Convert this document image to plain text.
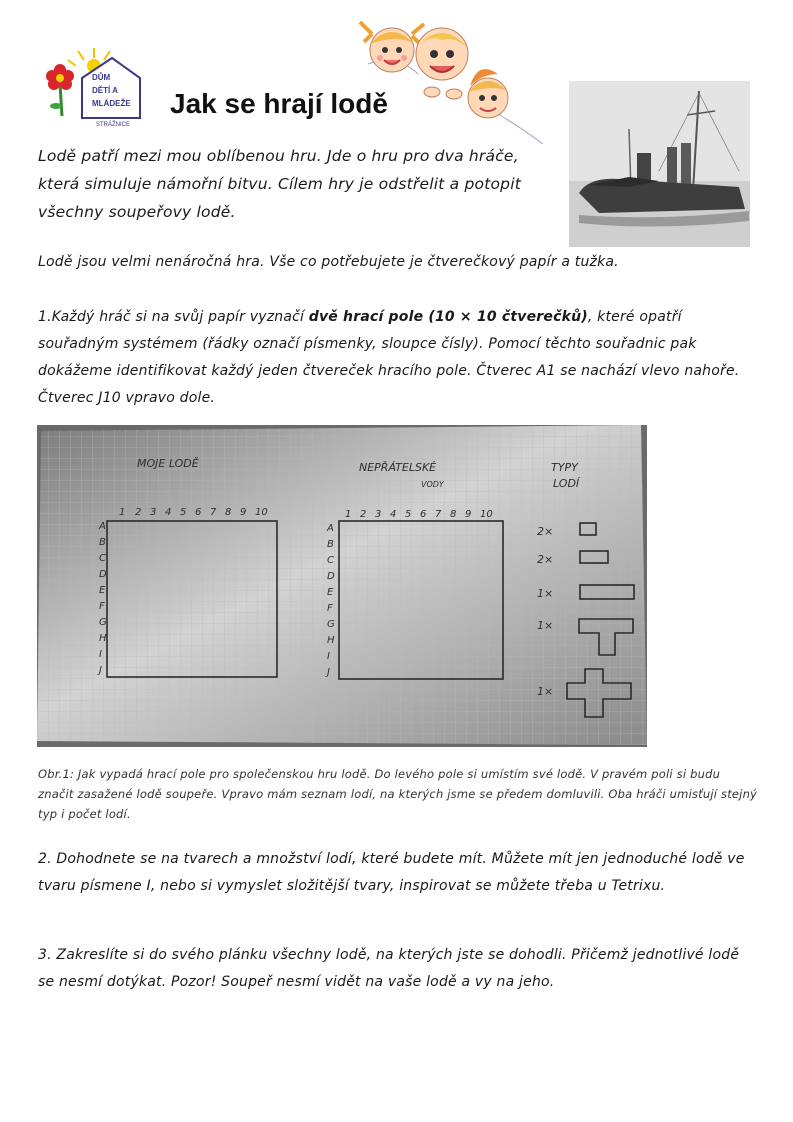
DŮM
DĚTÍ A
MLÁDEŽE
STRÁŽNICE
Jak se hrají lodě
Lodě patří mezi mou oblíbenou hru. Jde o hru pro dva hráče, která simuluje námořní bitvu. Cílem hry je odstřelit a potopit všechny soupeřovy lodě.
Lodě jsou velmi nenáročná hra. Vše co potřebujete je čtverečkový papír a tužka.
1.Každý hráč si na svůj papír vyznačí dvě hrací pole (10 × 10 čtverečků), které opatří souřadným systémem (řádky označí písmenky, sloupce čísly). Pomocí těchto souřadnic pak dokážeme identifikovat každý jeden čtvereček hracího pole. Čtverec A1 se nachází vlevo nahoře. Čtverec J10 vpravo dole.
MOJE LODĚ	NEPŘÁTELSKÉ
VODY
TYPY
LODÍ
1 2 3 4 5 6 7 8 9 10	1 2 3 4 5 6 7 8 9 10
A
B
C
D
E
F
G
H
I
J
A
B
C
D
E
F
G
H
I
J
2×
2×
1×
1×
1×
Obr.1: Jak vypadá hrací pole pro společenskou hru lodě. Do levého pole si umístím své lodě. V pravém poli si budu značit zasažené lodě soupeře. Vpravo mám seznam lodí, na kterých jsme se předem domluvili. Oba hráči umisťují stejný typ i počet lodí.
2. Dohodnete se na tvarech a množství lodí, které budete mít. Můžete mít jen jednoduché lodě ve tvaru písmene I, nebo si vymyslet složitější tvary, inspirovat se můžete třeba u Tetrixu.
3. Zakreslíte si do svého plánku všechny lodě, na kterých jste se dohodli. Přičemž jednotlivé lodě se nesmí dotýkat. Pozor! Soupeř nesmí vidět na vaše lodě a vy na jeho.
